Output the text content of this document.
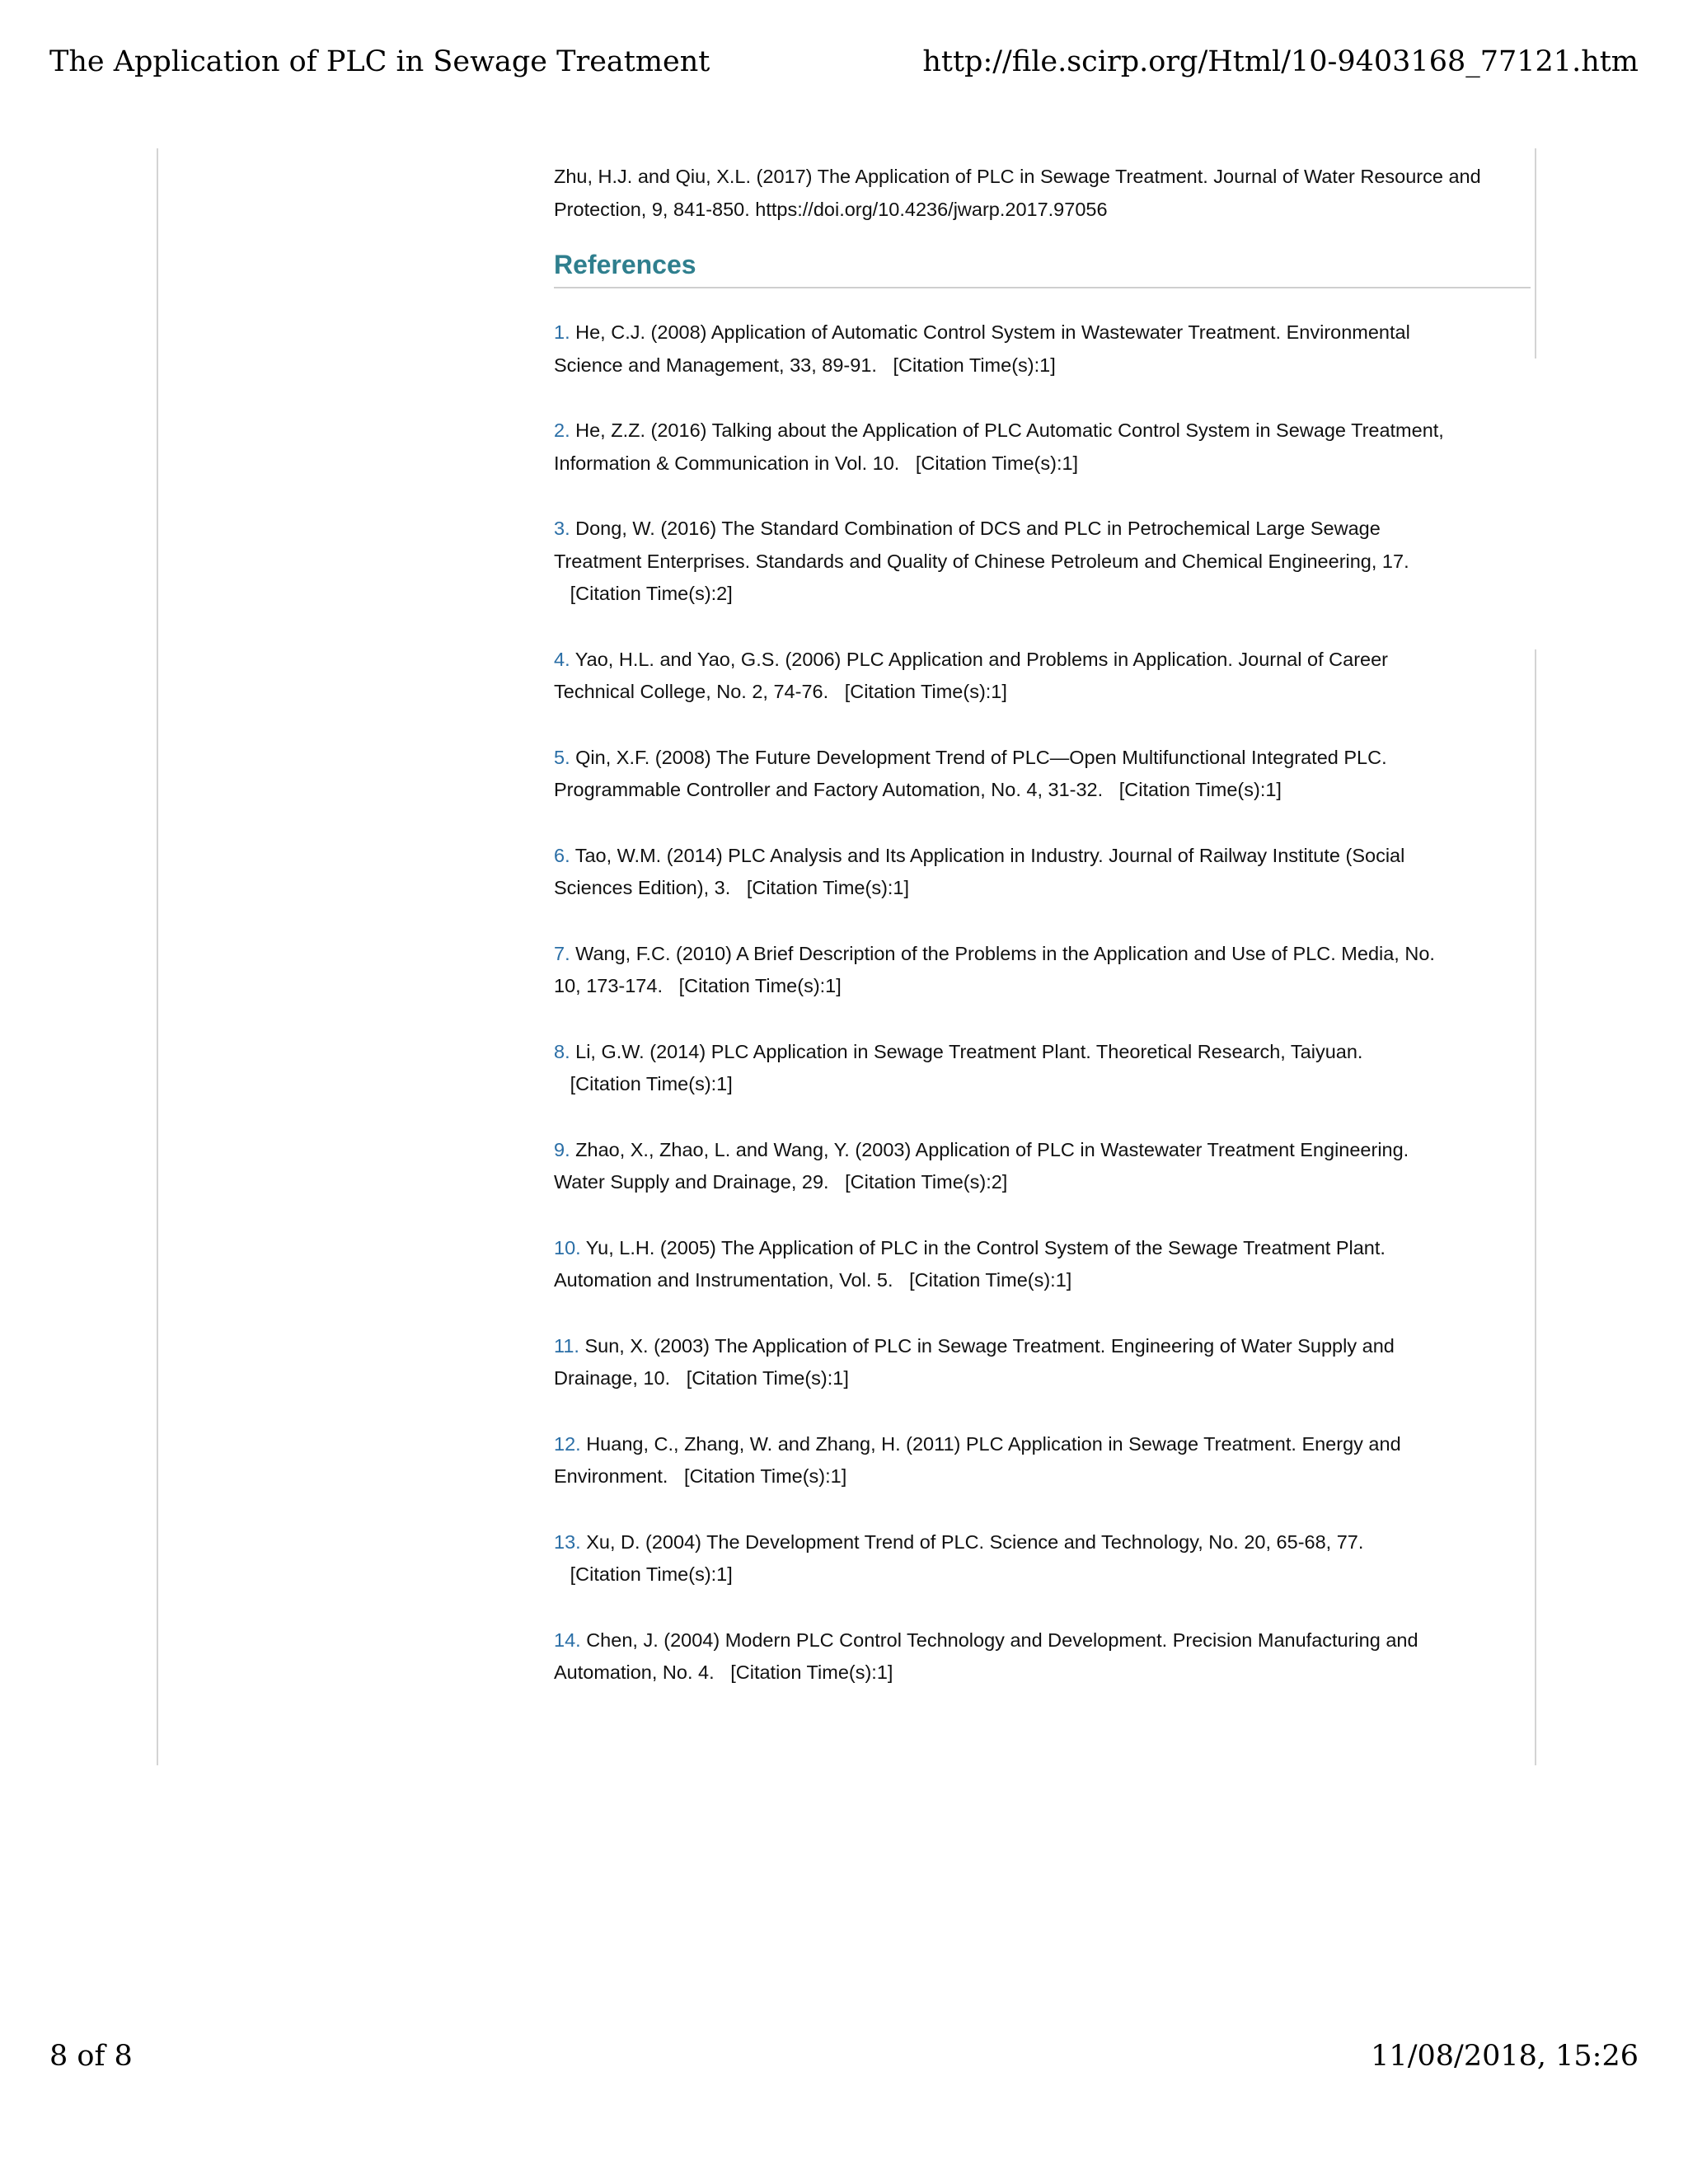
The Application of PLC in Sewage Treatment	http://file.scirp.org/Html/10-9403168_77121.htm

Zhu, H.J. and Qiu, X.L. (2017) The Application of PLC in Sewage Treatment. Journal of Water Resource and Protection, 9, 841-850. https://doi.org/10.4236/jwarp.2017.97056

References
1. He, C.J. (2008) Application of Automatic Control System in Wastewater Treatment. Environmental Science and Management, 33, 89-91. [Citation Time(s):1]
2. He, Z.Z. (2016) Talking about the Application of PLC Automatic Control System in Sewage Treatment, Information & Communication in Vol. 10. [Citation Time(s):1]
3. Dong, W. (2016) The Standard Combination of DCS and PLC in Petrochemical Large Sewage Treatment Enterprises. Standards and Quality of Chinese Petroleum and Chemical Engineering, 17.   [Citation Time(s):2]
4. Yao, H.L. and Yao, G.S. (2006) PLC Application and Problems in Application. Journal of Career Technical College, No. 2, 74-76. [Citation Time(s):1]
5. Qin, X.F. (2008) The Future Development Trend of PLC—Open Multifunctional Integrated PLC. Programmable Controller and Factory Automation, No. 4, 31-32. [Citation Time(s):1]
6. Tao, W.M. (2014) PLC Analysis and Its Application in Industry. Journal of Railway Institute (Social Sciences Edition), 3. [Citation Time(s):1]
7. Wang, F.C. (2010) A Brief Description of the Problems in the Application and Use of PLC. Media, No. 10, 173-174. [Citation Time(s):1]
8. Li, G.W. (2014) PLC Application in Sewage Treatment Plant. Theoretical Research, Taiyuan.   [Citation Time(s):1]
9. Zhao, X., Zhao, L. and Wang, Y. (2003) Application of PLC in Wastewater Treatment Engineering. Water Supply and Drainage, 29. [Citation Time(s):2]
10. Yu, L.H. (2005) The Application of PLC in the Control System of the Sewage Treatment Plant. Automation and Instrumentation, Vol. 5. [Citation Time(s):1]
11. Sun, X. (2003) The Application of PLC in Sewage Treatment. Engineering of Water Supply and Drainage, 10. [Citation Time(s):1]
12. Huang, C., Zhang, W. and Zhang, H. (2011) PLC Application in Sewage Treatment. Energy and Environment. [Citation Time(s):1]
13. Xu, D. (2004) The Development Trend of PLC. Science and Technology, No. 20, 65-68, 77.   [Citation Time(s):1]
14. Chen, J. (2004) Modern PLC Control Technology and Development. Precision Manufacturing and Automation, No. 4. [Citation Time(s):1]
8 of 8	11/08/2018, 15:26
